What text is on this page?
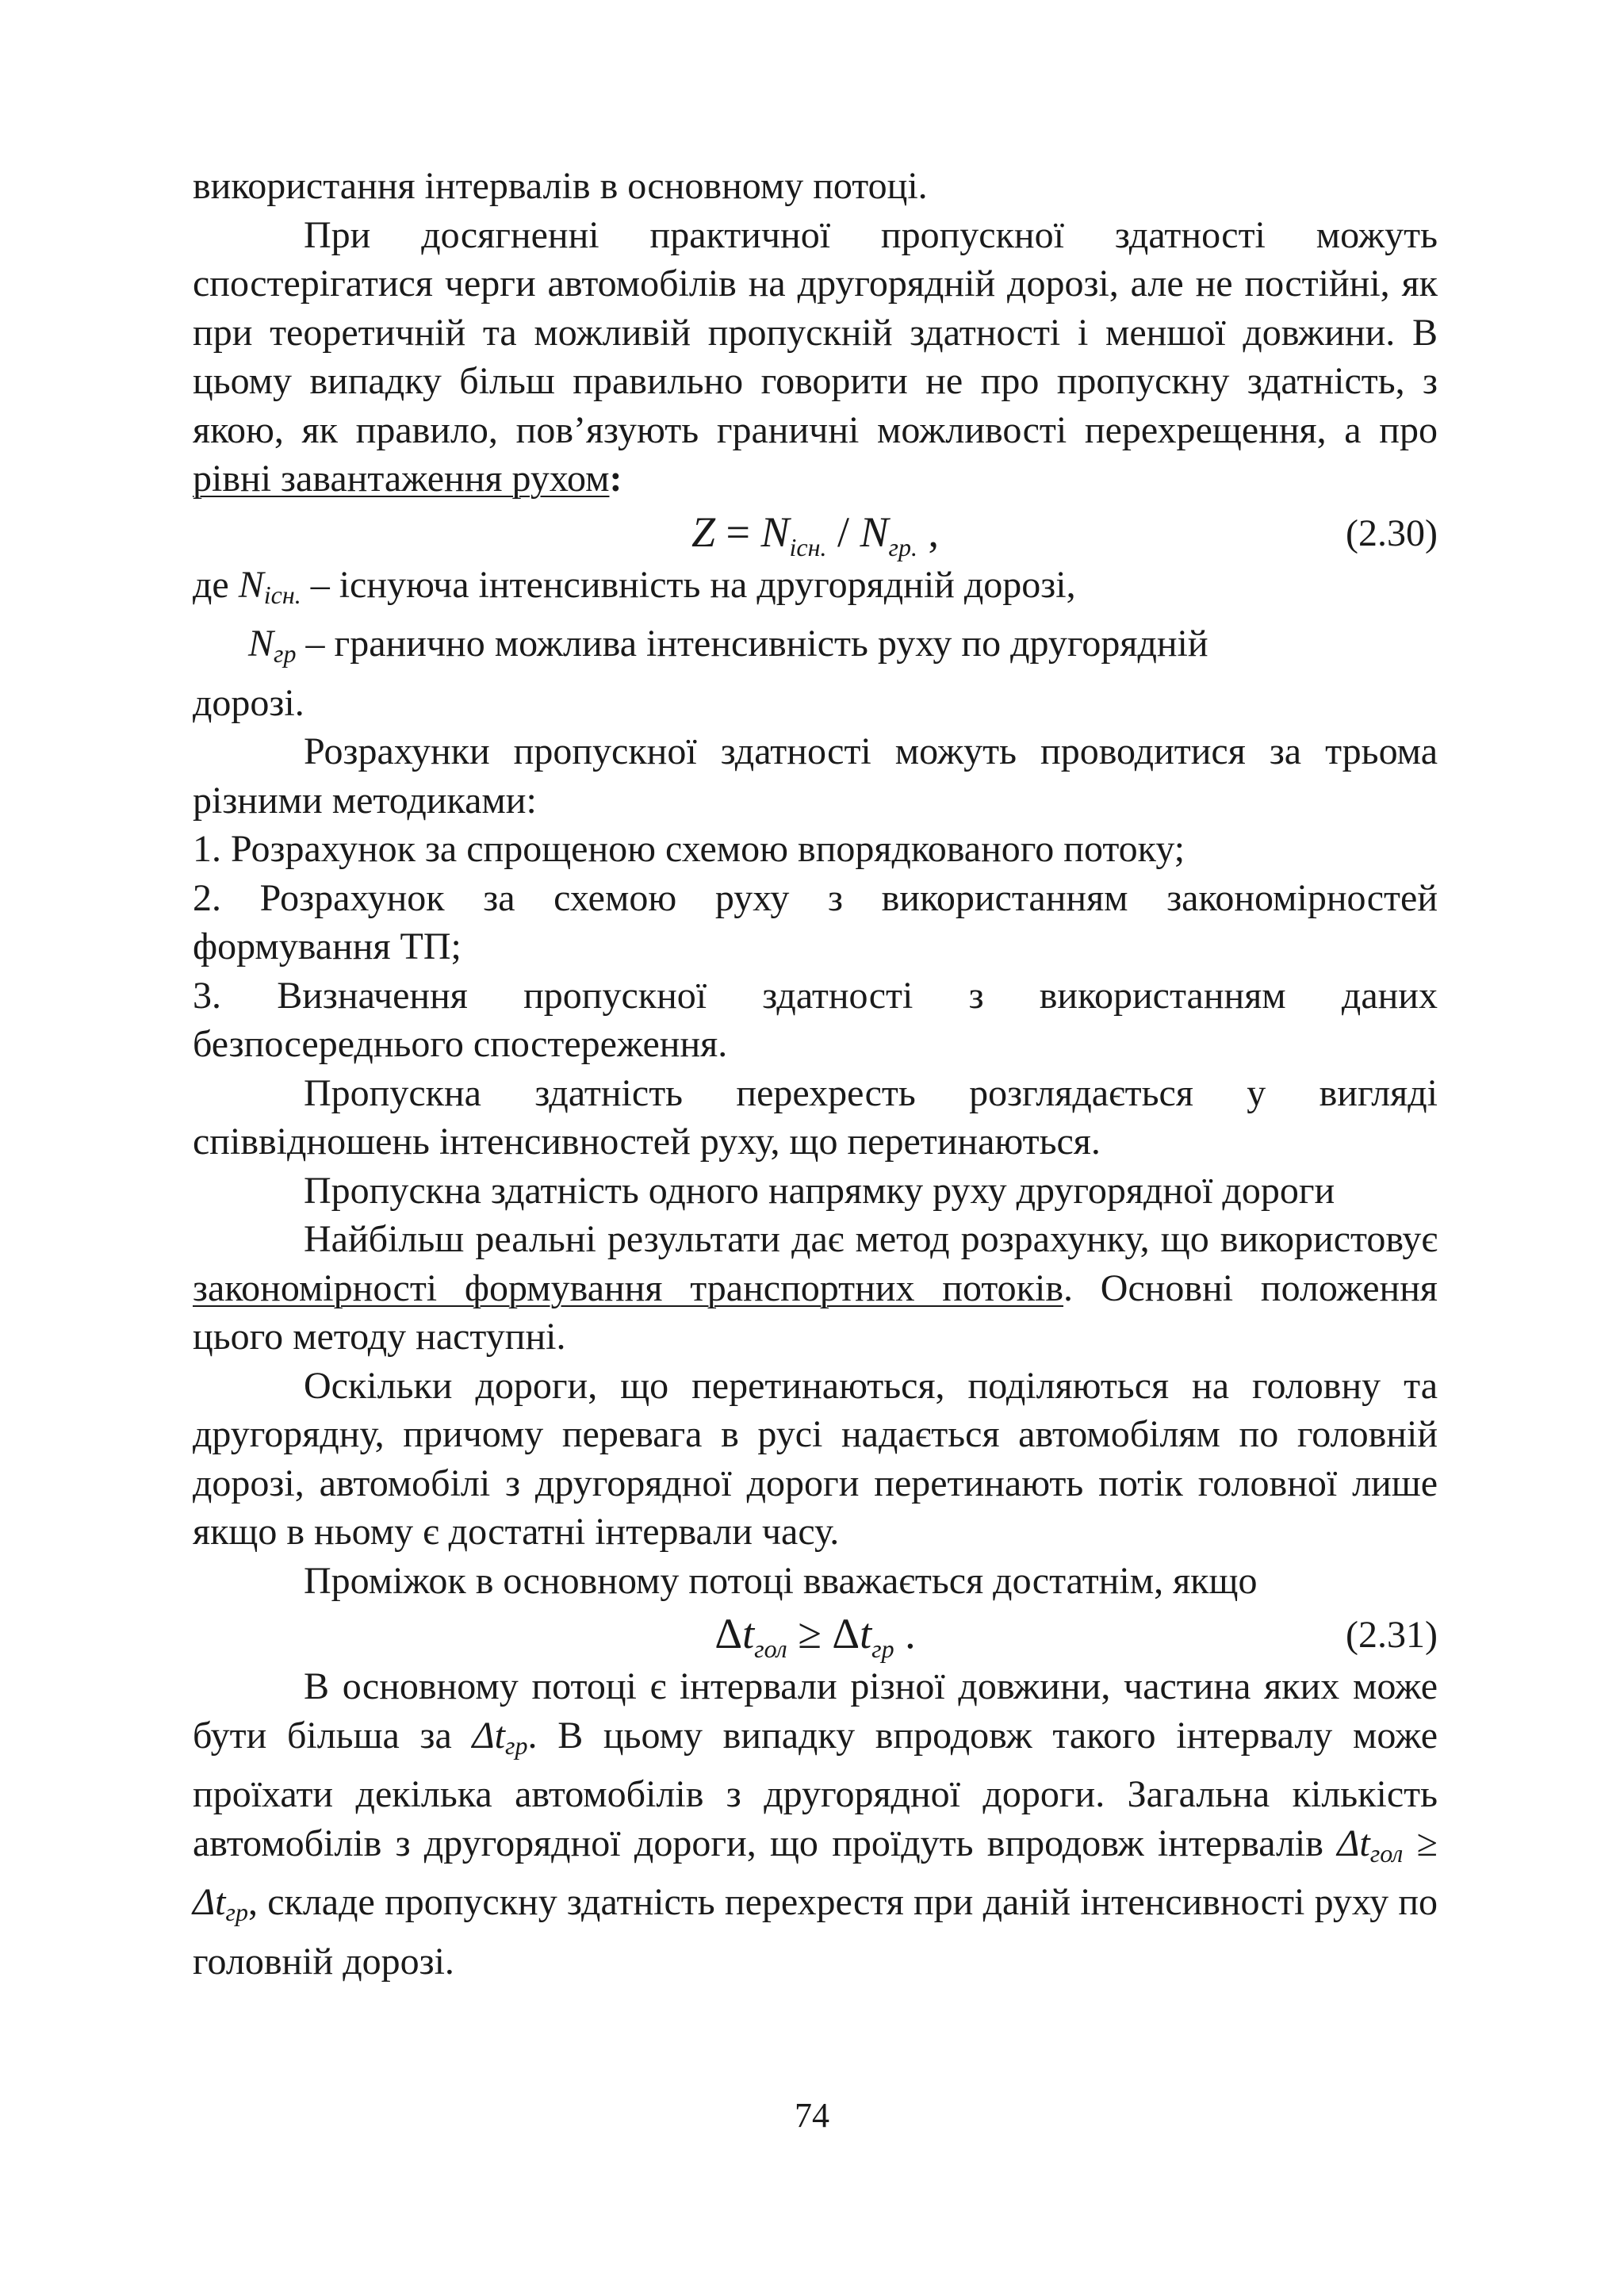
використання інтервалів в основному потоці.

При досягненні практичної пропускної здатності можуть спостерігатися черги автомобілів на другорядній дорозі, але не постійні, як при теоретичній та можливій пропускній здатності і меншої довжини. В цьому випадку більш правильно говорити не про пропускну здатність, з якою, як правило, пов’язують граничні можливості перехрещення, а про рівні завантаження рухом:

$Z = N_{існ.} / N_{гр.}$ ,	(2.30)

де $N_{існ.}$ – існуюча інтенсивність на другорядній дорозі,

$N_{гр}$ – гранично можлива інтенсивність руху по другорядній

дорозі.

Розрахунки пропускної здатності можуть проводитися за трьома різними методиками:

1. Розрахунок за спрощеною схемою впорядкованого потоку;

2. Розрахунок за схемою руху з використанням закономірностей формування ТП;

3. Визначення пропускної здатності з використанням даних безпосереднього спостереження.

Пропускна здатність перехресть розглядається у вигляді співвідношень інтенсивностей руху, що перетинаються.

Пропускна здатність одного напрямку руху другорядної дороги

Найбільш реальні результати дає метод розрахунку, що використовує закономірності формування транспортних потоків. Основні положення цього методу наступні.

Оскільки дороги, що перетинаються, поділяються на головну та другорядну, причому перевага в русі надається автомобілям по головній дорозі, автомобілі з другорядної дороги перетинають потік головної лише якщо в ньому є достатні інтервали часу.

Проміжок в основному потоці вважається достатнім, якщо

$\Delta t_{гол} \ge \Delta t_{гр}$ .	(2.31)

В основному потоці є інтервали різної довжини, частина яких може бути більша за $\Delta t_{гр}$. В цьому випадку впродовж такого інтервалу може проїхати декілька автомобілів з другорядної дороги. Загальна кількість автомобілів з другорядної дороги, що проїдуть впродовж інтервалів $\Delta t_{гол} \ge \Delta t_{гр}$, складе пропускну здатність перехрестя при даній інтенсивності руху по головній дорозі.

74
